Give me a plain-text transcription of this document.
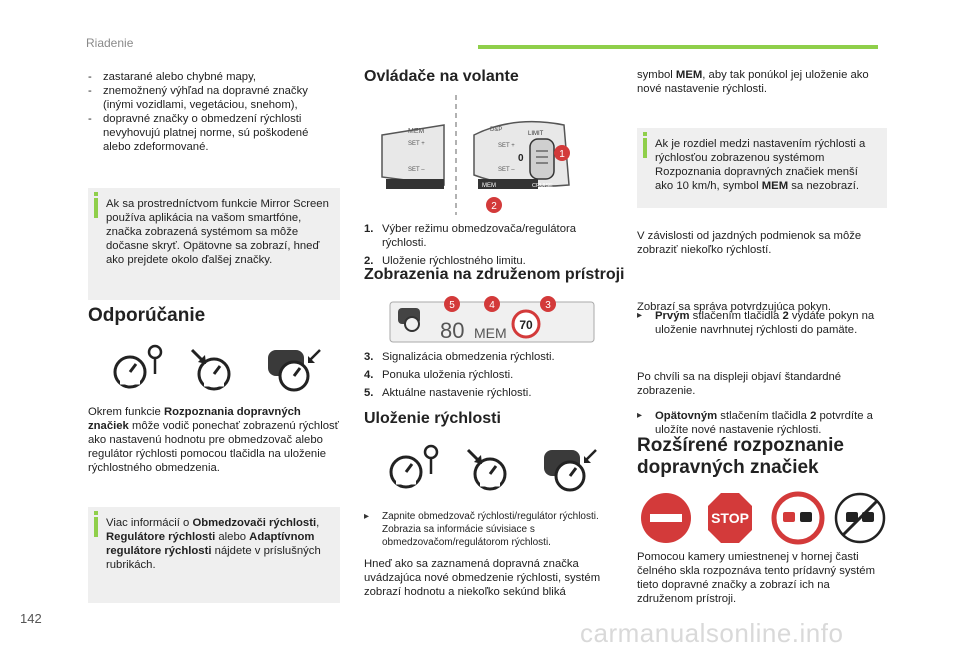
Riadenie
- zastarané alebo chybné mapy,
- znemožnený výhľad na dopravné značky (inými vozidlami, vegetáciou, snehom),
- dopravné značky o obmedzení rýchlosti nevyhovujú platnej norme, sú poškodené alebo zdeformované.
Ak sa prostredníctvom funkcie Mirror Screen používa aplikácia na vašom smartfóne, značka zobrazená systémom sa môže dočasne skryť. Opätovne sa zobrazí, hneď ako prejdete okolo ďalšej značky.
Odporúčanie
Okrem funkcie Rozpoznania dopravných značiek môže vodič ponechať zobrazenú rýchlosť ako nastavenú hodnotu pre obmedzovač alebo regulátor rýchlosti pomocou tlačidla na uloženie rýchlostného obmedzenia.
Viac informácií o Obmedzovači rýchlosti, Regulátore rýchlosti alebo Adaptívnom regulátore rýchlosti nájdete v príslušných rubrikách.
Ovládače na volante
MEM
SET +
SET –
D&P
SET +
SET –
0
LIMIT
CRUISE
MEM
1
2
1. Výber režimu obmedzovača/regulátora rýchlosti.
2. Uloženie rýchlostného limitu.
Zobrazenia na združenom prístroji
80 MEM 70
5	4	3
3. Signalizácia obmedzenia rýchlosti.
4. Ponuka uloženia rýchlosti.
5. Aktuálne nastavenie rýchlosti.
Uloženie rýchlosti
▸ Zapnite obmedzovač rýchlosti/regulátor rýchlosti. Zobrazia sa informácie súvisiace s obmedzovačom/regulátorom rýchlosti.
Hneď ako sa zaznamená dopravná značka uvádzajúca nové obmedzenie rýchlosti, systém zobrazí hodnotu a niekoľko sekúnd bliká
symbol MEM, aby tak ponúkol jej uloženie ako nové nastavenie rýchlosti.
Ak je rozdiel medzi nastavením rýchlosti a rýchlosťou zobrazenou systémom Rozpoznania dopravných značiek menší ako 10 km/h, symbol MEM sa nezobrazí.
V závislosti od jazdných podmienok sa môže zobraziť niekoľko rýchlostí.
▸ Prvým stlačením tlačidla 2 vydáte pokyn na uloženie navrhnutej rýchlosti do pamäte.
Zobrazí sa správa potvrdzujúca pokyn.
▸ Opätovným stlačením tlačidla 2 potvrdíte a uložíte nové nastavenie rýchlosti.
Po chvíli sa na displeji objaví štandardné zobrazenie.
Rozšírené rozpoznanie dopravných značiek
STOP
Pomocou kamery umiestnenej v hornej časti čelného skla rozpoznáva tento prídavný systém tieto dopravné značky a zobrazí ich na združenom prístroji.
142	carmanualsonline.info
